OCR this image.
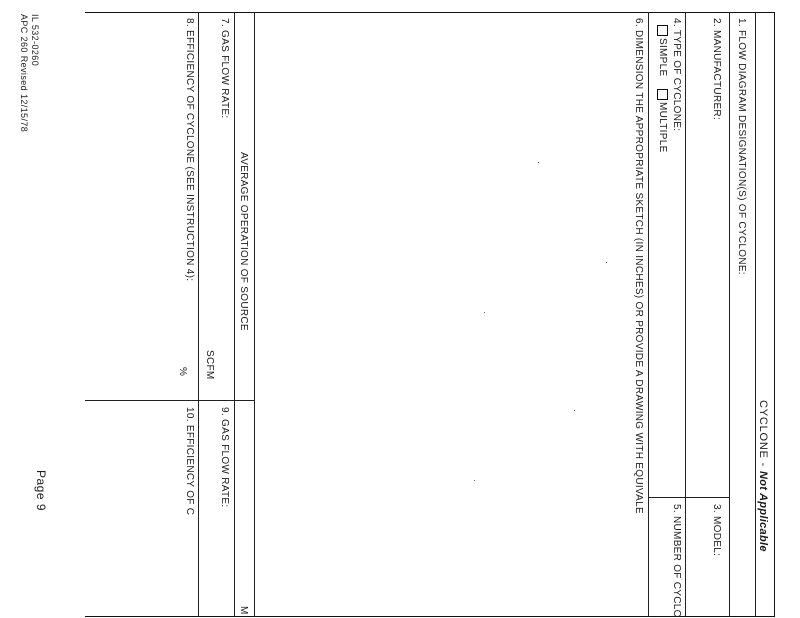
IL 532-0260
APC 260 Revised 12/15/78
Page 9
CYCLONE - Not Applicable
1. FLOW DIAGRAM DESIGNATION(S) OF CYCLONE:
2. MANUFACTURER:
3. MODEL:
4. TYPE OF CYCLONE:
SIMPLE
MULTIPLE
5. NUMBER OF CYCLO
6. DIMENSION THE APPROPRIATE SKETCH (IN INCHES) OR PROVIDE A DRAWING WITH EQUIVALE
AVERAGE OPERATION OF SOURCE
M
7. GAS FLOW RATE:
SCFM
9. GAS FLOW RATE:
8. EFFICIENCY OF CYCLONE (SEE INSTRUCTION 4):
%
10. EFFICIENCY OF C
